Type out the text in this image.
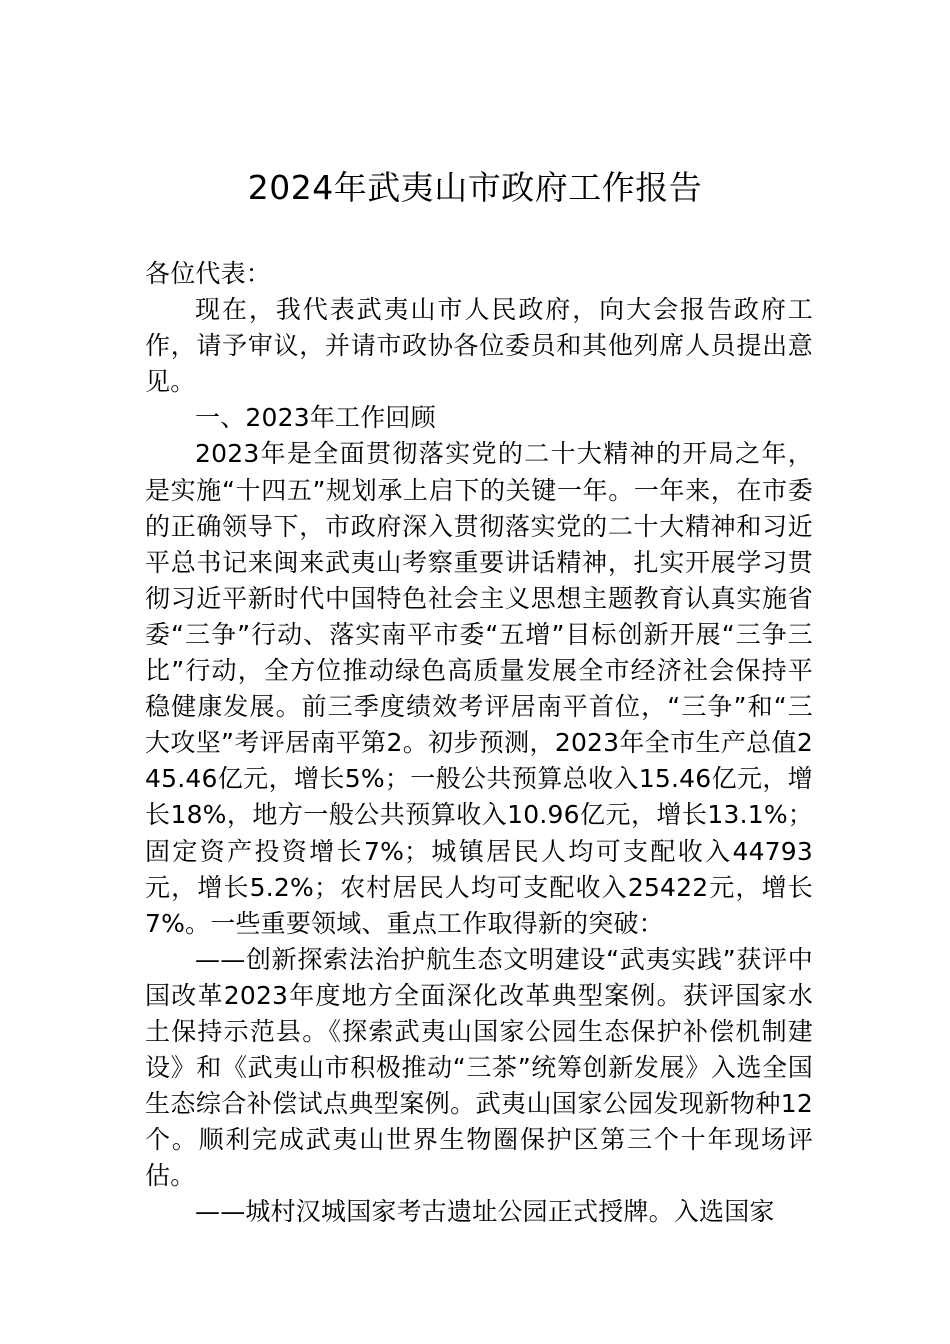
2024年武夷山市政府工作报告

各位代表：

现在，我代表武夷山市人民政府，向大会报告政府工作，请予审议，并请市政协各位委员和其他列席人员提出意见。

一、2023年工作回顾

2023年是全面贯彻落实党的二十大精神的开局之年，是实施“十四五”规划承上启下的关键一年。一年来，在市委的正确领导下，市政府深入贯彻落实党的二十大精神和习近平总书记来闽来武夷山考察重要讲话精神，扎实开展学习贯彻习近平新时代中国特色社会主义思想主题教育认真实施省委“三争”行动、落实南平市委“五增”目标创新开展“三争三比”行动，全方位推动绿色高质量发展全市经济社会保持平稳健康发展。前三季度绩效考评居南平首位，“三争”和“三大攻坚”考评居南平第2。初步预测，2023年全市生产总值245.46亿元，增长5%；一般公共预算总收入15.46亿元，增长18%，地方一般公共预算收入10.96亿元，增长13.1%；固定资产投资增长7%；城镇居民人均可支配收入44793元，增长5.2%；农村居民人均可支配收入25422元，增长7%。一些重要领域、重点工作取得新的突破：

——创新探索法治护航生态文明建设“武夷实践”获评中国改革2023年度地方全面深化改革典型案例。获评国家水土保持示范县。《探索武夷山国家公园生态保护补偿机制建设》和《武夷山市积极推动“三茶”统筹创新发展》入选全国生态综合补偿试点典型案例。武夷山国家公园发现新物种12个。顺利完成武夷山世界生物圈保护区第三个十年现场评估。

——城村汉城国家考古遗址公园正式授牌。入选国家
